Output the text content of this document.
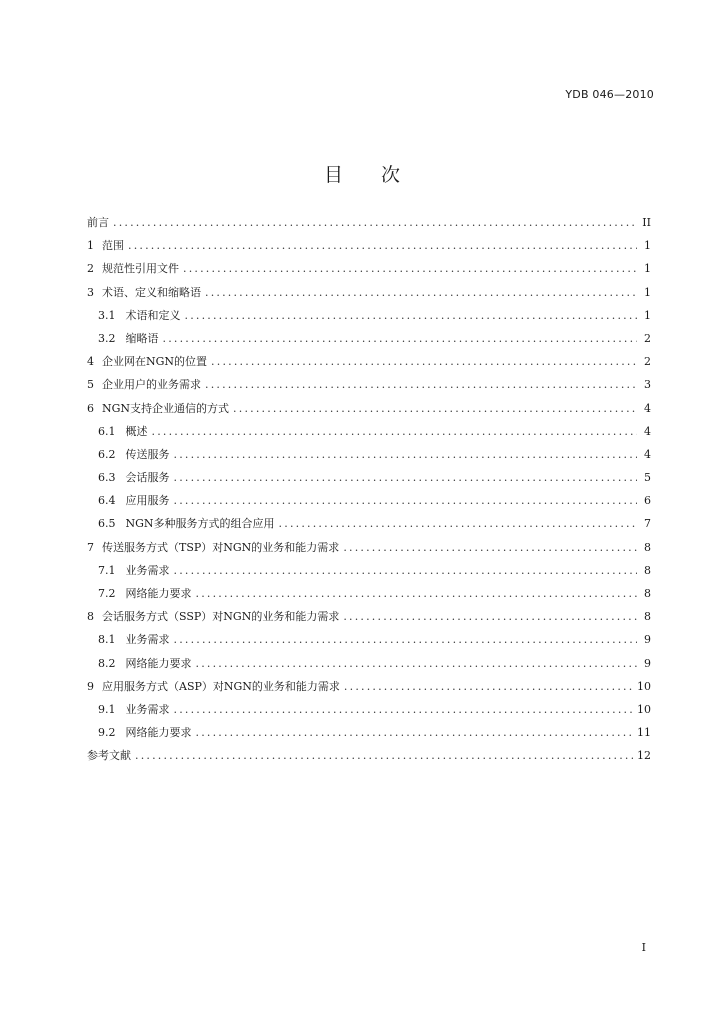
YDB 046—2010
目 次
前言 .....	II
1 范围 .....	1
2 规范性引用文件 .....	1
3 术语、定义和缩略语 .....	1
3.1 术语和定义 .....	1
3.2 缩略语 .....	2
4 企业网在NGN的位置 .....	2
5 企业用户的业务需求 .....	3
6 NGN支持企业通信的方式 .....	4
6.1 概述 .....	4
6.2 传送服务 .....	4
6.3 会话服务 .....	5
6.4 应用服务 .....	6
6.5 NGN多种服务方式的组合应用 .....	7
7 传送服务方式（TSP）对NGN的业务和能力需求 .....	8
7.1 业务需求 .....	8
7.2 网络能力要求 .....	8
8 会话服务方式（SSP）对NGN的业务和能力需求 .....	8
8.1 业务需求 .....	9
8.2 网络能力要求 .....	9
9 应用服务方式（ASP）对NGN的业务和能力需求 .....	10
9.1 业务需求 .....	10
9.2 网络能力要求 .....	11
参考文献 .....	12
I
